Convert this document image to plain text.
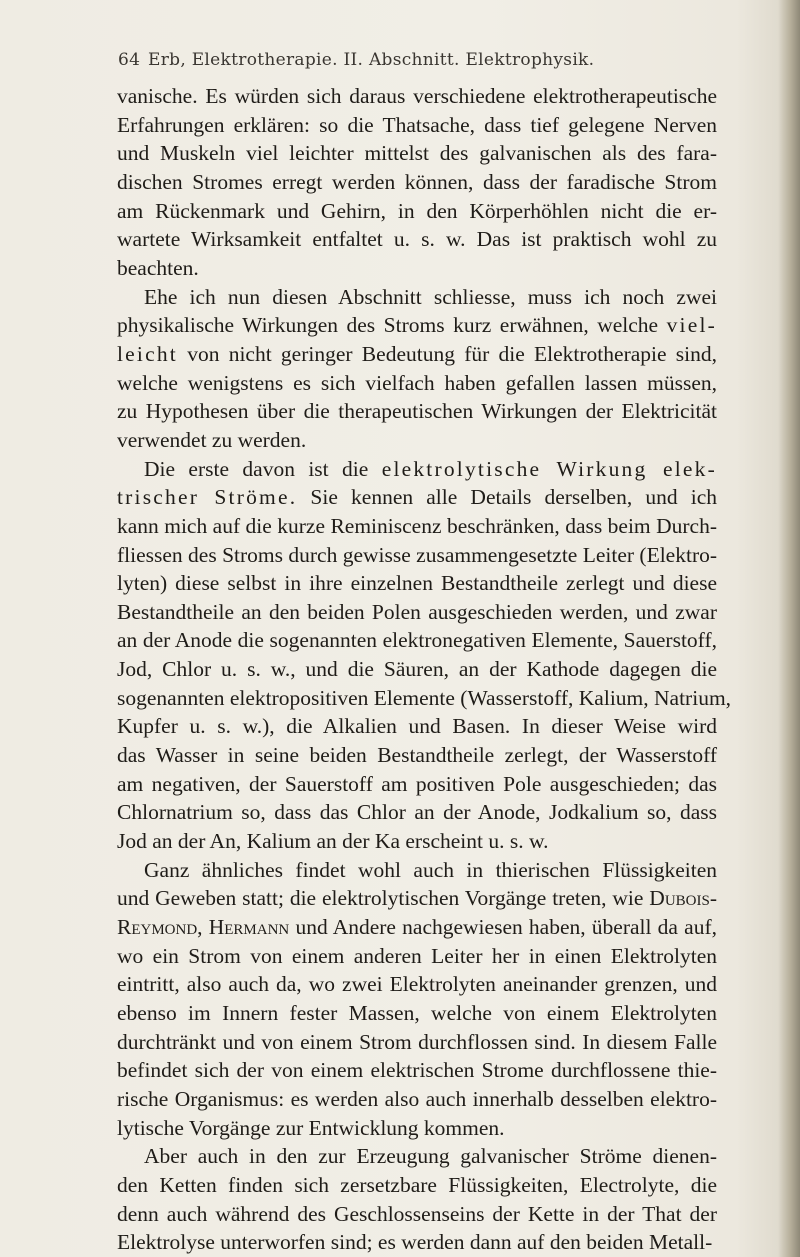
64 Erb, Elektrotherapie. II. Abschnitt. Elektrophysik.
vanische. Es würden sich daraus verschiedene elektrotherapeutische
Erfahrungen erklären: so die Thatsache, dass tief gelegene Nerven
und Muskeln viel leichter mittelst des galvanischen als des fara-
dischen Stromes erregt werden können, dass der faradische Strom
am Rückenmark und Gehirn, in den Körperhöhlen nicht die er-
wartete Wirksamkeit entfaltet u. s. w. Das ist praktisch wohl zu
beachten.
Ehe ich nun diesen Abschnitt schliesse, muss ich noch zwei
physikalische Wirkungen des Stroms kurz erwähnen, welche viel-
leicht von nicht geringer Bedeutung für die Elektrotherapie sind,
welche wenigstens es sich vielfach haben gefallen lassen müssen,
zu Hypothesen über die therapeutischen Wirkungen der Elektricität
verwendet zu werden.
Die erste davon ist die elektrolytische Wirkung elek-
trischer Ströme. Sie kennen alle Details derselben, und ich
kann mich auf die kurze Reminiscenz beschränken, dass beim Durch-
fliessen des Stroms durch gewisse zusammengesetzte Leiter (Elektro-
lyten) diese selbst in ihre einzelnen Bestandtheile zerlegt und diese
Bestandtheile an den beiden Polen ausgeschieden werden, und zwar
an der Anode die sogenannten elektronegativen Elemente, Sauerstoff,
Jod, Chlor u. s. w., und die Säuren, an der Kathode dagegen die
sogenannten elektropositiven Elemente (Wasserstoff, Kalium, Natrium,
Kupfer u. s. w.), die Alkalien und Basen. In dieser Weise wird
das Wasser in seine beiden Bestandtheile zerlegt, der Wasserstoff
am negativen, der Sauerstoff am positiven Pole ausgeschieden; das
Chlornatrium so, dass das Chlor an der Anode, Jodkalium so, dass
Jod an der An, Kalium an der Ka erscheint u. s. w.
Ganz ähnliches findet wohl auch in thierischen Flüssigkeiten
und Geweben statt; die elektrolytischen Vorgänge treten, wie Dubois-
Reymond, Hermann und Andere nachgewiesen haben, überall da auf,
wo ein Strom von einem anderen Leiter her in einen Elektrolyten
eintritt, also auch da, wo zwei Elektrolyten aneinander grenzen, und
ebenso im Innern fester Massen, welche von einem Elektrolyten
durchtränkt und von einem Strom durchflossen sind. In diesem Falle
befindet sich der von einem elektrischen Strome durchflossene thie-
rische Organismus: es werden also auch innerhalb desselben elektro-
lytische Vorgänge zur Entwicklung kommen.
Aber auch in den zur Erzeugung galvanischer Ströme dienen-
den Ketten finden sich zersetzbare Flüssigkeiten, Electrolyte, die
denn auch während des Geschlossenseins der Kette in der That der
Elektrolyse unterworfen sind; es werden dann auf den beiden Metall-
